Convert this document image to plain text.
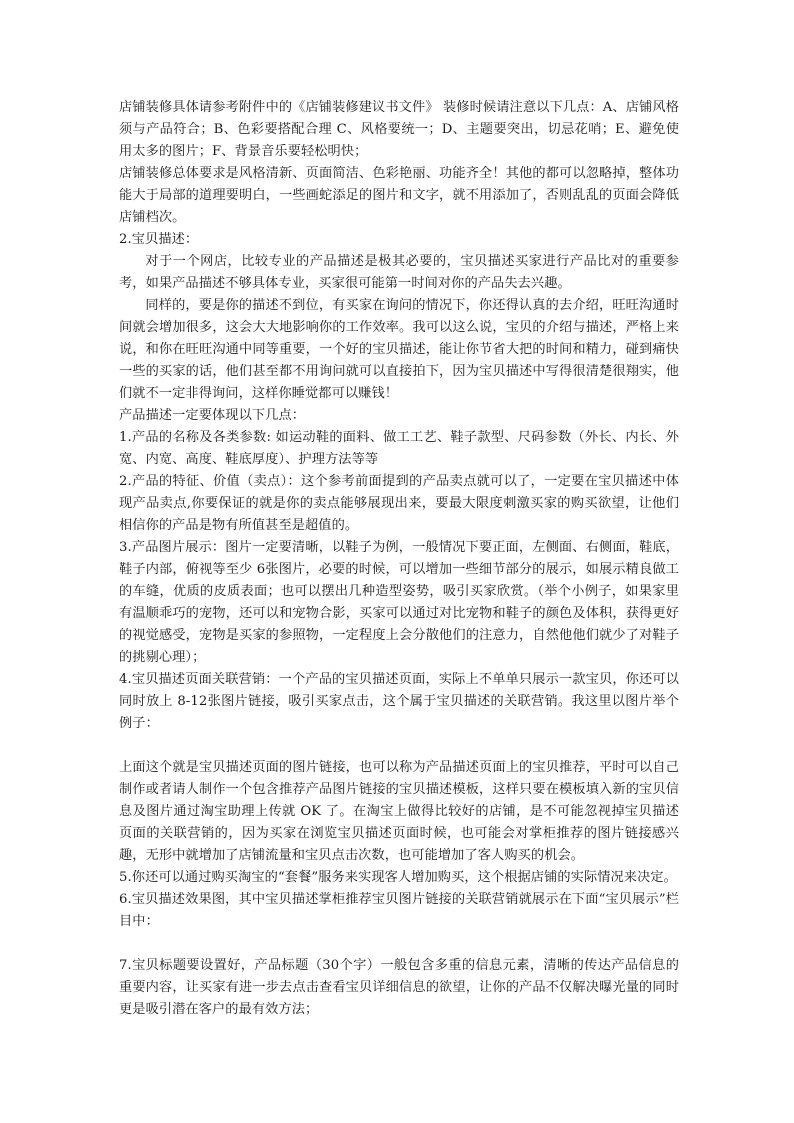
店铺装修具体请参考附件中的《店铺装修建议书文件》 装修时候请注意以下几点：A、店铺风格须与产品符合；B、色彩要搭配合理 C、风格要统一；D、主题要突出，切忌花哨；E、避免使用太多的图片；F、背景音乐要轻松明快；

店铺装修总体要求是风格清新、页面简洁、色彩艳丽、功能齐全！其他的都可以忽略掉，整体功能大于局部的道理要明白，一些画蛇添足的图片和文字，就不用添加了，否则乱乱的页面会降低店铺档次。

2.宝贝描述：

对于一个网店，比较专业的产品描述是极其必要的，宝贝描述买家进行产品比对的重要参考，如果产品描述不够具体专业，买家很可能第一时间对你的产品失去兴趣。

同样的，要是你的描述不到位，有买家在询问的情况下，你还得认真的去介绍，旺旺沟通时间就会增加很多，这会大大地影响你的工作效率。我可以这么说，宝贝的介绍与描述，严格上来说，和你在旺旺沟通中同等重要，一个好的宝贝描述，能让你节省大把的时间和精力，碰到痛快一些的买家的话，他们甚至都不用询问就可以直接拍下，因为宝贝描述中写得很清楚很翔实，他们就不一定非得询问，这样你睡觉都可以赚钱！

产品描述一定要体现以下几点：

1.产品的名称及各类参数: 如运动鞋的面料、做工工艺、鞋子款型、尺码参数（外长、内长、外宽、内宽、高度、鞋底厚度）、护理方法等等

2.产品的特征、价值（卖点）：这个参考前面提到的产品卖点就可以了，一定要在宝贝描述中体现产品卖点,你要保证的就是你的卖点能够展现出来，要最大限度刺激买家的购买欲望，让他们相信你的产品是物有所值甚至是超值的。

3.产品图片展示：图片一定要清晰，以鞋子为例，一般情况下要正面，左侧面、右侧面，鞋底，鞋子内部，俯视等至少 6张图片，必要的时候，可以增加一些细节部分的展示，如展示精良做工的车缝，优质的皮质表面；也可以摆出几种造型姿势，吸引买家欣赏。（举个小例子，如果家里有温顺乖巧的宠物，还可以和宠物合影，买家可以通过对比宠物和鞋子的颜色及体积，获得更好的视觉感受，宠物是买家的参照物，一定程度上会分散他们的注意力，自然他他们就少了对鞋子的挑剔心理）；

4.宝贝描述页面关联营销：一个产品的宝贝描述页面，实际上不单单只展示一款宝贝，你还可以同时放上 8-12张图片链接，吸引买家点击，这个属于宝贝描述的关联营销。我这里以图片举个例子：

上面这个就是宝贝描述页面的图片链接，也可以称为产品描述页面上的宝贝推荐，平时可以自己制作或者请人制作一个包含推荐产品图片链接的宝贝描述模板，这样只要在模板填入新的宝贝信息及图片通过淘宝助理上传就 OK 了。在淘宝上做得比较好的店铺，是不可能忽视掉宝贝描述页面的关联营销的，因为买家在浏览宝贝描述页面时候，也可能会对掌柜推荐的图片链接感兴趣，无形中就增加了店铺流量和宝贝点击次数，也可能增加了客人购买的机会。

5.你还可以通过购买淘宝的“套餐”服务来实现客人增加购买，这个根据店铺的实际情况来决定。

6.宝贝描述效果图，其中宝贝描述掌柜推荐宝贝图片链接的关联营销就展示在下面“宝贝展示”栏目中：

7.宝贝标题要设置好，产品标题（30个字）一般包含多重的信息元素，清晰的传达产品信息的重要内容，让买家有进一步去点击查看宝贝详细信息的欲望，让你的产品不仅解决曝光量的同时更是吸引潜在客户的最有效方法；
